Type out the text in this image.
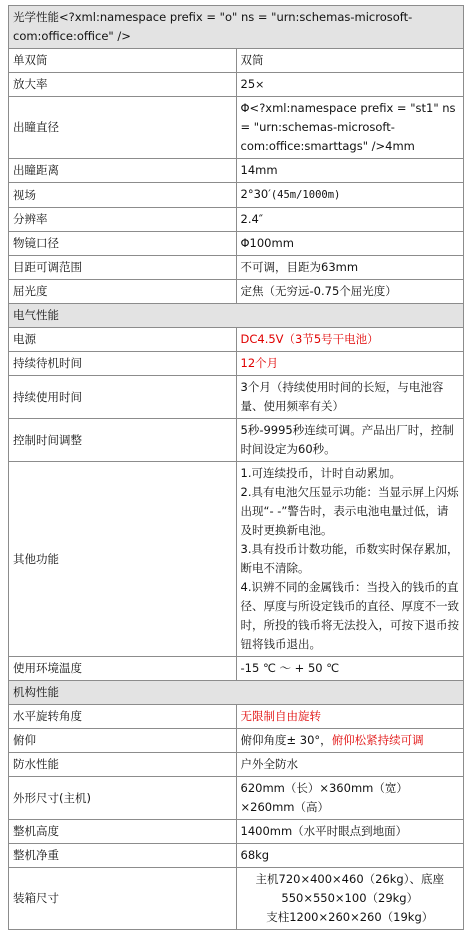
光学性能<?xml:namespace prefix = "o" ns = "urn:schemas-microsoft-com:office:office" />	
单双筒	双筒
放大率	25×
出瞳直径	Φ<?xml:namespace prefix = "st1" ns = "urn:schemas-microsoft-com:office:smarttags" />4mm
出瞳距离	14mm
视场	2°30′(45m/1000m)
分辨率	2.4″
物镜口径	Φ100mm
目距可调范围	不可调，目距为63mm
屈光度	定焦（无穷远-0.75个屈光度）
电气性能	
电源	DC4.5V（3节5号干电池）
持续待机时间	12个月
持续使用时间	3个月（持续使用时间的长短，与电池容量、使用频率有关）
控制时间调整	5秒-9995秒连续可调。产品出厂时，控制时间设定为60秒。
其他功能	1.可连续投币，计时自动累加。
2.具有电池欠压显示功能：当显示屏上闪烁出现“- -”警告时，表示电池电量过低，请及时更换新电池。
3.具有投币计数功能，币数实时保存累加，断电不清除。
4.识辨不同的金属钱币：当投入的钱币的直径、厚度与所设定钱币的直径、厚度不一致时，所投的钱币将无法投入，可按下退币按钮将钱币退出。

使用环境温度	-15 ℃ ～ + 50 ℃
机构性能	
水平旋转角度	无限制自由旋转
俯仰	俯仰角度± 30°，俯仰松紧持续可调
防水性能	户外全防水
外形尺寸(主机)	620mm（长）×360mm（宽）×260mm（高）
整机高度	1400mm（水平时眼点到地面）
整机净重	68kg
装箱尺寸	主机720×400×460（26kg）、底座550×550×100（29kg）
支柱1200×260×260（19kg）
